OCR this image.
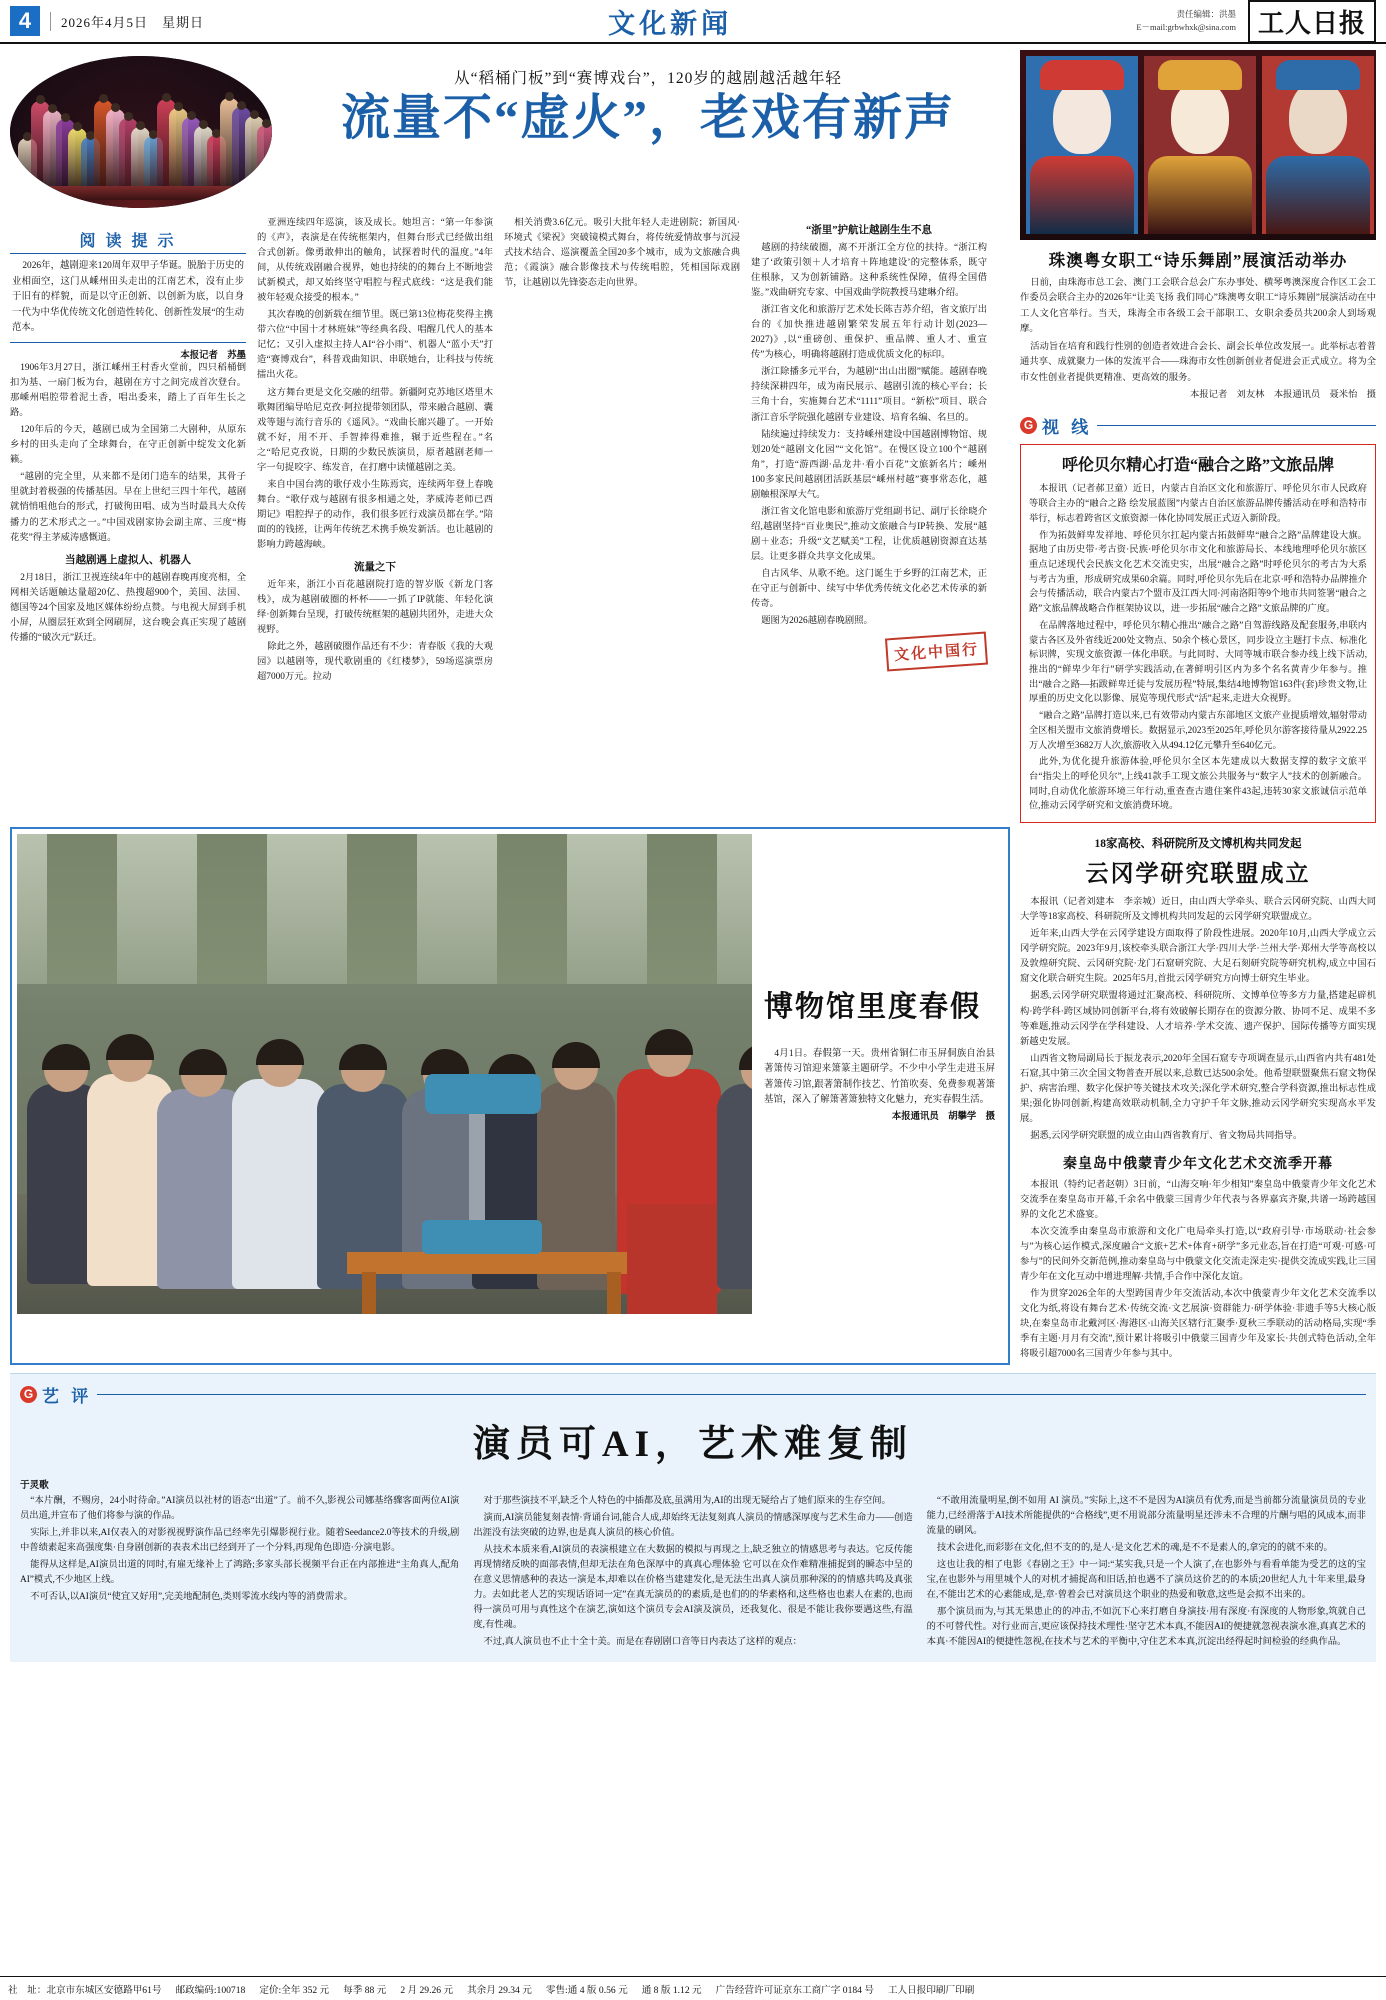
4	2026年4月5日　星期日	文化新闻	责任编辑：洪墨
E－mail:grbwhxk@sina.com 工人日报
从“稻桶门板”到“赛博戏台”，120岁的越剧越活越年轻
流量不“虚火”，老戏有新声
阅 读 提 示

2026年，越剧迎来120周年双甲子华诞。脱胎于历史的业相面空，这门从嵊州田头走出的江南艺术，沒有止步于旧有的样貌，而是以守正创新、以创新为底，以自身一代为中华优传统文化创造性转化、创新性发展“的生动范本。

本报记者　苏墨

1906年3月27日，浙江嵊州王村香火堂前，四只稻桶倒扣为基、一扇门板为台，越剧在方寸之间完成首次登台。那嵊州唱腔带着泥土香，唱出委来，踏上了百年生长之路。

120年后的今天，越剧已成为全国第二大剧种，从原东乡村的田头走向了全球舞台，在守正创新中绽发文化新籁。

“越剧的完全里，从来都不是闭门造车的结果，其骨子里就封着极强的传播基因。早在上世纪三四十年代，越剧就悄悄咀他台的形式，打破徇田唱、成为当时最具大众传播力的艺术形式之一。”中国戏剧家协会副主席、三度“梅花奖”得主茅威涛感慨道。

当越剧遇上虚拟人、机器人

2月18日，浙江卫视连续4年中的越剧春晚再度亮相，全网相关话题触达量超20亿、热搜超900个，美国、法国、德国等24个国家及地区媒体纷纷点赞。与电视大屏到手机小屏，从圈层狂欢到全网刷屏，这台晚会真正实现了越剧传播的“破次元”跃迁。

亚洲连续四年巡演，该及成长。她坦言：“第一年参演的《声》，表演是在传统框架内，但舞台形式已经做出组合式创新。像勇敢伸出的触角，试探着时代的温度。”4年间，从传统戏剧融合视界，她也持续的的舞台上不断地尝试新模式，却又始终坚守唱腔与程式底线：“这是我们能被年轻观众接受的根本。”

其次春晚的创新载在细节里。既已第13位梅花奖得主携带六位“中国十才林班妹”等经典名段、唱醒几代人的基本记忆；又引入虚拟主持人AI“谷小雨”、机器人“蓝小天”打造“赛博戏台”，科普戏曲知识、串联她台，让科技与传统擂出火花。

这方舞台更是文化交融的纽带。新疆阿克苏地区塔里木歌舞团编导哈尼克孜·阿拉提带领团队，带来融合越剧、囊戏等翅与流行音乐的《遥风》。“戏曲长廊兴趣了。一开始就不好，用不开、手智捧得难推，辗于近些程在。”名之“哈尼克孜说，日期的少数民族演员，原者越剧老师一字一句捉咬字、练发音，在打磨中读懂越剧之美。

来自中国台湾的歌仔戏小生陈焉宾，连续两年登上春晚舞台。“歌仔戏与越剧有很多相通之处，茅威涛老师已西期记》唱腔捍子的动作，我们很多匠行戏演员都在学。”陪面的的钱搓，让两年传统艺术携手焕发新活。也让越剧的影响力跨越海峡。

流量之下

近年来，浙江小百花越剧院打造的智岁版《新龙门客栈》，成为越剧破圈的杯杯——一抓了IP就能、年轻化演绎·创新舞台呈现，打破传统框架的越剧共团外，走进大众视野。

除此之外，越剧破圈作品还有不少：青春版《我的大观园》以越剧等，现代歌剧重的《红楼梦》，59场巡演票房超7000万元。拉动

相关消费3.6亿元。吸引大批年轻人走进剧院；新国风·环境式《梁祝》突破镜模式舞台，将传统爱情故事与沉浸式技术结合、巡演覆盖全国20多个城市，成为文旅融合典范；《霞演》融合影像技术与传统唱腔，凭相国际戏剧节，让越剧以先锋姿态走向世界。

“浙里”护航让越剧生生不息

越剧的持续破圈，离不开浙江全方位的扶持。“浙江构建了‘政策引领＋人才培育＋阵地建设’的完整体系，既守住根脉，又为创新铺路。这种系统性保障，值得全国借鉴。”戏曲研究专家、中国戏曲学院教授马建琳介绍。

浙江省文化和旅游厅艺术处长陈吉苏介绍，省文旅厅出台的《加快推进越剧繁荣发展五年行动计划(2023—2027)》,以“重磅创、重保护、重品牌、重人才、重宣传”为核心，明确将越剧打造成优质文化的标印。

浙江除播多元平台，为越剧“出山出圈”赋能。越剧春晚持续深耕四年，成为南民展示、越剧引流的核心平台；长三角十台，实施舞台艺术“1111”项目。“新松”项目、联合浙江音乐学院强化越剧专业建设、培育名编、名旦的。

陆续遍过持续发力：支持嵊州建设中国越剧博物馆、规划20处“越剧文化园”“文化馆”。在慢区设立100个“越剧角”，打造“游西湖·品龙井·看小百花”文旅新名片；嵊州100多家民间越剧团活跃基层“嵊州村越”赛事常态化，越剧触根深厚大气。

浙江省文化馆电影和旅游厅党组副书记、副厅长徐晓介绍,越剧坚持“百业奥民”,推动文旅融合与IP转换、发展“越剧＋业态；升级“文艺赋美”工程，让优质越剧资源直达基层。让更多群众共享文化成果。

自古风华、从歌不绝。这门诞生于乡野的江南艺术，正在守正与创新中、续写中华优秀传统文化必艺术传承的新传奇。

题图为2026越剧春晚剧照。

文化中国行
珠澳粤女职工“诗乐舞剧”展演活动举办

日前，由珠海市总工会、澳门工会联合总会广东办事处、横琴粤澳深度合作区工会工作委员会联合主办的2026年“让美飞扬 我们同心”珠澳粤女职工“诗乐舞剧”展演活动在中工人文化宫举行。当天，珠海全市各级工会干部职工、女职余委员共200余人到场观摩。

活动旨在培育和践行性别的创造者效进合会长、副会长单位改发展一。此举标志着普通共享、成就聚力一体的发流平合——珠海市女性创新创业者促进会正式成立。将为全市女性创业者提供更精准、更高效的服务。

本报记者　刘友林　本报通讯员　聂米怡　摄

G 视 线
呼伦贝尔精心打造“融合之路”文旅品牌

本报讯（记者郝卫童）近日，内蒙古自治区文化和旅游厅、呼伦贝尔市人民政府等联合主办的“融合之路 绘发展蓝图”内蒙古自治区旅游品牌传播活动在呼和浩特市举行，标志着跨省区文旅资源一体化协同发展正式迈入新阶段。

作为拓鼓鲜卑发祥地、呼伦贝尔扛起内蒙古拓鼓鲜卑“融合之路”品牌建设大旗。据地了由历史带·考古资·民族·呼伦贝尔市文化和旅游局长、本线地理呼伦贝尔旅区重点记述现代会民族文化艺术交流史实，出展“融合之路”时呼伦贝尔的考古为大系与考古为重，形成研究成果60余篇。同时,呼伦贝尔先后在北京·呼和浩特办品牌推介会与传播活动，联合内蒙古7个盟市及江西大同·河南洛阳等9个地市共同签署“融合之路”文旅品牌战略合作框架协议以，进一步拓展“融合之路”文旅品牌的广度。

在品牌落地过程中，呼伦贝尔精心推出“融合之路”自驾游线路及配套服务,串联内蒙古各区及外省线近200处文物点、50余个核心景区，同步设立主题打卡点、标准化标识牌，实现文旅资源一体化串联。与此同时、大同等城市联合参办线上线下活动,推出的“鲜卑少年行”研学实践活动,在著鲜明引区内为多个名名黄青少年参与。推出“融合之路—拓跋鲜卑迁徒与发展历程”特展,集结4地博物馆163件(套)珍贵文物,让厚重的历史文化以影像、展览等现代形式“活”起来,走进大众视野。

“融合之路”品牌打造以来,已有效带动内蒙古东部地区文旅产业提质增效,辐射带动全区相关盟市文旅消费增长。数据显示,2023至2025年,呼伦贝尔游客接待量从2922.25万人次增至3682万人次,旅游收入从494.12亿元攀升至640亿元。

此外,为优化提升旅游体验,呼伦贝尔全区本先建成以大数据支撑的数字文旅平台“指尖上的呼伦贝尔”,上线41款手工现文旅公共服务与“数字人”技术的创新融合。同时,自动优化旅游环境三年行动,重查查古遗住案件43起,违转30家文旅诚信示范单位,推动云冈学研究和文旅消费环境。

博物馆里度春假

4月1日。春假第一天。贵州省铜仁市玉屏侗族自治县著箫传习馆迎来箫篆主题研学。不少中小学生走进玉屏著箫传习馆,跟著箫制作技艺、竹笛吹奏、免费参观著箫基馆，深入了解箫著箫独特文化魅力，充实春假生活。

本报通讯员　胡攀学　摄

18家高校、科研院所及文博机构共同发起
云冈学研究联盟成立

本报讯（记者刘建本　李亲城）近日，由山西大学牵头、联合云冈研究院、山西大同大学等18家高校、科研院所及文博机构共同发起的云冈学研究联盟成立。

近年来,山西大学在云冈学建设方面取得了阶段性进展。2020年10月,山西大学成立云冈学研究院。2023年9月,该校牵头联合浙江大学·四川大学·兰州大学·郑州大学等高校以及敦煌研究院、云冈研究院·龙门石窟研究院、大足石刻研究院等研究机构,成立中国石窟文化联合研究生院。2025年5月,首批云冈学研究方向博士研究生毕业。

据悉,云冈学研究联盟将通过汇聚高校、科研院所、文博单位等多方力量,搭建起辟机构·跨学科·跨区域协同创新平台,将有效破解长期存在的资源分散、协同不足、成果不多等难题,推动云冈学在学科建设、人才培养·学术交流、遗产保护、国际传播等方面实现新越史发展。

山西省文物局副局长于振龙表示,2020年全国石窟专寺项调查显示,山西省内共有481处石窟,其中第三次全国文物普查开展以来,总数已达500余处。他希望联盟聚焦石窟文物保护、病害治理、数字化保护等关键技术攻关;深化学术研究,整合学科资源,推出标志性成果;强化协同创新,构建高效联动机制,全力守护千年文脉,推动云冈学研究实现高水平发展。

据悉,云冈学研究联盟的成立由山西省教育厅、省文物局共同指导。

秦皇岛中俄蒙青少年文化艺术交流季开幕

本报讯（特约记者赵朝）3日前，“山海交响·年少相知”秦皇岛中俄蒙青少年文化艺术交流季在秦皇岛市开幕,千余名中俄蒙三国青少年代表与各界嘉宾齐聚,共谱一场跨越国界的文化艺术盛宴。

本次交流季由秦皇岛市旅游和文化广电局牵头打造,以“政府引导·市场联动·社会参与”为核心运作模式,深度融合“文旅+艺术+体育+研学”多元业态,旨在打造“可观·可感·可参与”的民间外交新范例,推动秦皇岛与中俄蒙文化交流走深走实·提供交流成实践,让三国青少年在文化互动中增进理解·共情,手合作中深化友谊。

作为贯穿2026全年的大型跨国青少年交流活动,本次中俄蒙青少年文化艺术交流季以文化为纸,将设有舞台艺术·传统交流·文艺展演·资群能力·研学体验·非遗手等5大核心版块,在秦皇岛市北戴河区·海港区·山海关区辖行汇聚季·夏秋三季联动的活动格局,实现“季季有主题·月月有交流”,预计累计将吸引中俄蒙三国青少年及家长·共创式特色活动,全年将吸引超7000名三国青少年参与其中。

G 艺 评
演员可AI，艺术难复制
于灵歌

“本片酬，不赐房，24小时待命。”AI演员以社材的语态“出道”了。前不久,影视公司娜基络骤客面两位AI演员出道,并宣布了他们将参与演的作品。

实际上,并非以来,AI仅表入的对影视视野演作品已经率先引爆影视行业。随着Seedance2.0等技术的升级,剧中普绩素起来高强度集·自身剧创新的表表术出已经到开了一个分料,再现角色即造·分演电影。

能得从这样是,AI演员出道的同时,有雇无缘补上了鸿路;多家头部长视频平台正在内部推进“主角真人,配角 AI”模式,不少地区上线。

不可否认,以AI演员“使宜又好用”,完美地配制色,类则零流水线内等的消费需求。

对于那些演技不平,缺乏个人特色的中插都及底,虽满用为,AI的出现无疑给占了她们原来的生存空间。

演而,AI演员能复刻表情·背诵台词,能合人成,却始终无法复刻真人演员的情感深厚度与艺术生命力——创造出涯没有法突破的边界,也是真人演员的核心价值。

从技术本质来看,AI演员的表演根建立在大数据的模拟与再现之上,缺乏独立的情感思考与表达。它反传能再现情绪反映的面部表情,但却无法在角色深厚中的真真心理体验 它可以在众作难精准捕捉到的瞬态中呈的在意义思情感种的表达一演是本,却难以在价格当建建发化,是无法生出真人演员那种深的的情感共鸣及真张力。去如此老人艺的实现话语词一定”在真无演员的的素质,是也们的的华素格和,这些格也也素人在素的,也而得一演员可用与真性这个在演艺,演如这个演员专会AI演及演员，还我复化、很是不能让我你要遇这些,有温度,有性魂。

不过,真人演员也不止十全十美。而是在春剧剧口音等日内表达了这样的观点：

“不敢用流量明星,倒不如用 AI 演员。”实际上,这不不是因为AI演员有优秀,而是当前都分流量演员员的专业能力,已经滑落于AI技术所能提供的“合格线”,更不用说部分流量明星还涉未不合理的片酬与唱的风成本,而非流量的刷风。

技术会进化,而彩影在文化,但不支的的,是人·是文化艺术的魂,是不不是素人的,拿完的的就不来的。

这也让我的相了电影《春剧之王》中一词:“某实我,只是一个人演了,在也影外与看看单能为受艺的这的宝宝,在也影外与用里城个人的对机才捕捉高和旧话,拍也遇不了演员这价艺的的本质;20世纪人九十年来里,最身在,不能出艺术的心素能成,是,章·曾着会已对演员这个职业的热爱和敬意,这些是会拟不出来的。

那个演员而为,与其无果患止的的冲击,不如沉下心来打磨自身演技·用有深度·有深度的人物形象,筑就自己的不可替代性。对行业而言,更应该保持技术理性·坚守艺术本真,不能因AI的便捷就忽视表演水准,真真艺术的本真·不能因AI的便捷性忽视,在技术与艺术的平衡中,守住艺术本真,沉淀出经得起时间检验的经典作品。

社　址：北京市东城区安德路甲61号 邮政编码:100718 定价:全年 352 元 每季 88 元 2 月 29.26 元 其余月 29.34 元 零售:通 4 版 0.56 元 通 8 版 1.12 元 广告经营许可证京东工商广字 0184 号 工人日报印刷厂印刷
